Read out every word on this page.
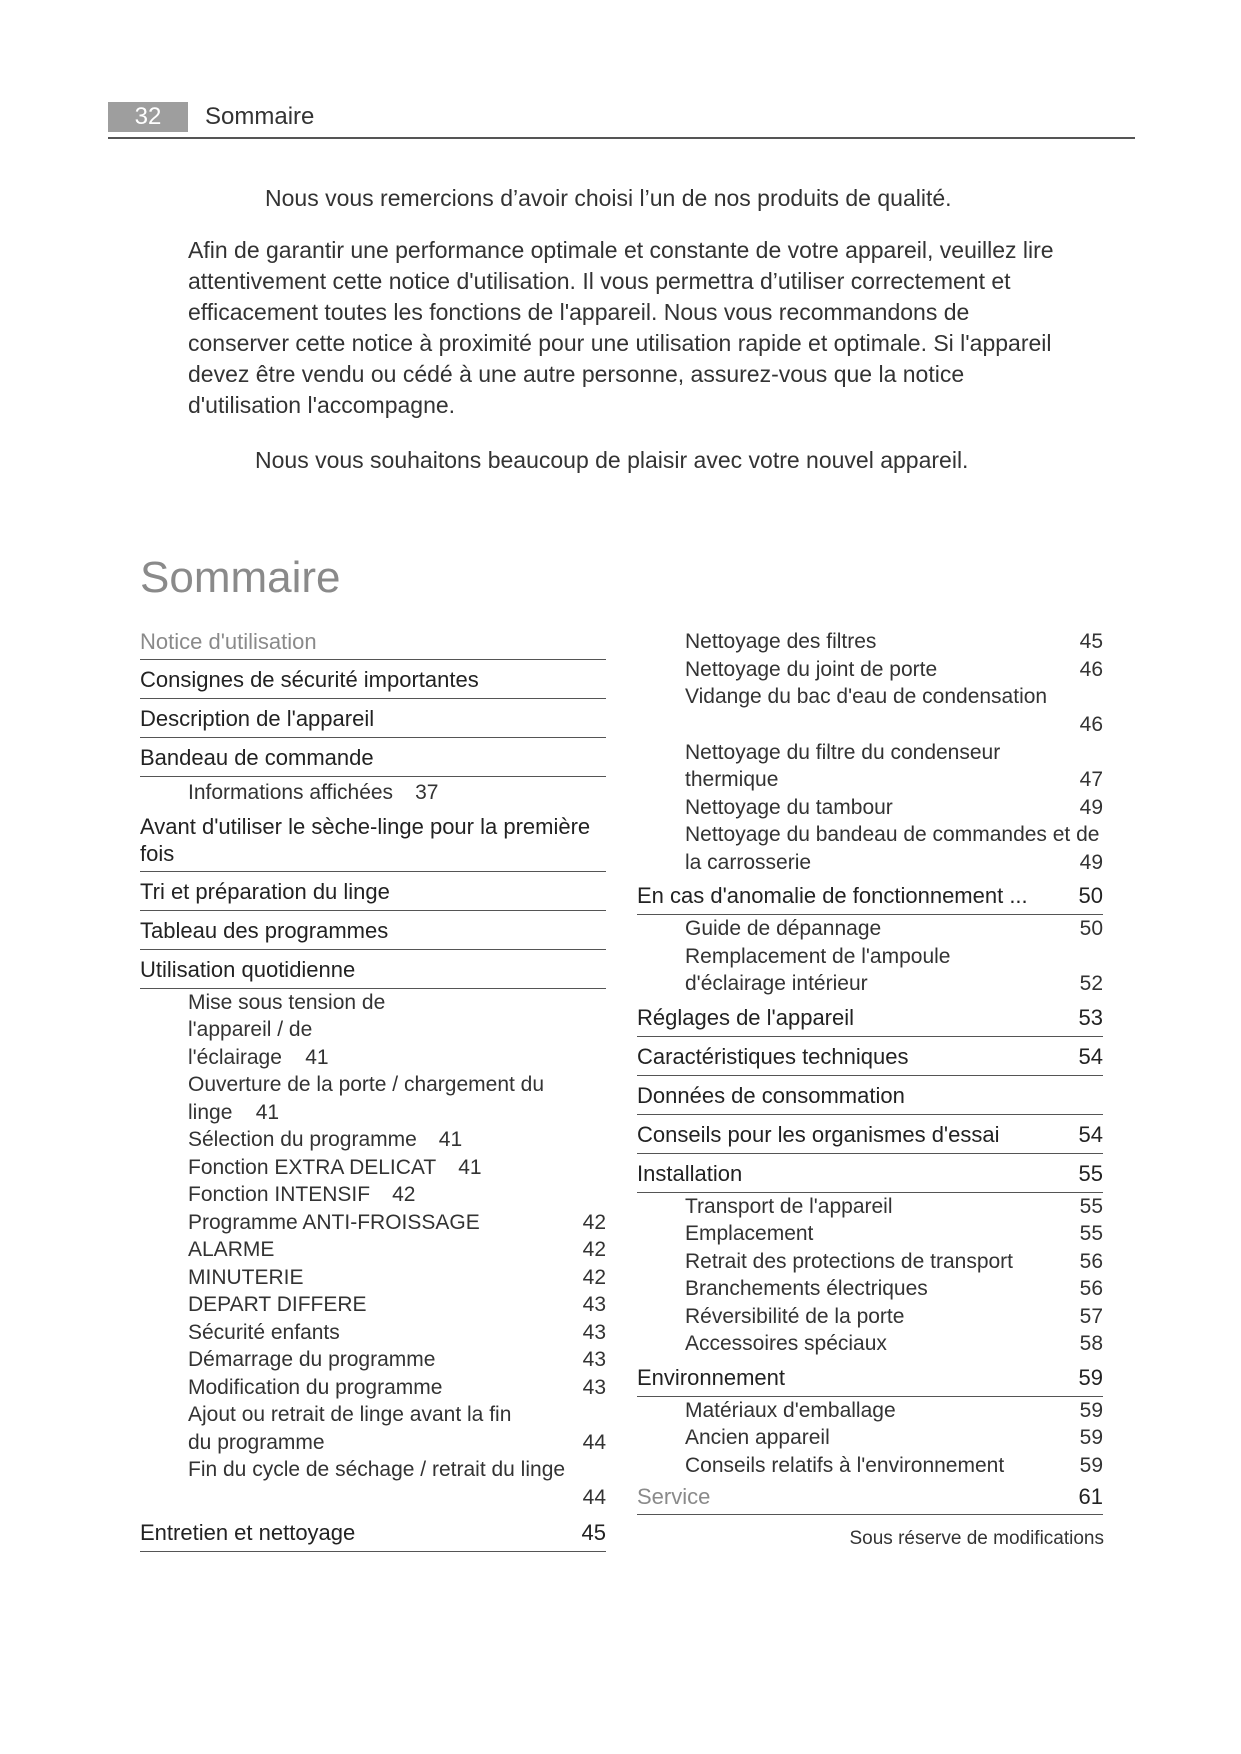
32	Sommaire
Nous vous remercions d’avoir choisi l’un de nos produits de qualité.
Afin de garantir une performance optimale et constante de votre appareil, veuillez lire attentivement cette notice d'utilisation. Il vous permettra d’utiliser correctement et efficacement toutes les fonctions de l'appareil. Nous vous recommandons de conserver cette notice à proximité pour une utilisation rapide et optimale. Si l'appareil devez être vendu ou cédé à une autre personne, assurez-vous que la notice d'utilisation l'accompagne.
Nous vous souhaitons beaucoup de plaisir avec votre nouvel appareil.
Sommaire
Notice d'utilisation
Consignes de sécurité importantes
Description de l'appareil
Bandeau de commande
Informations affichées 37
Avant d'utiliser le sèche-linge pour la première fois
Tri et préparation du linge
Tableau des programmes
Utilisation quotidienne
Mise sous tension de l'appareil / de l'éclairage 41
Ouverture de la porte / chargement du linge 41
Sélection du programme 41
Fonction EXTRA DELICAT 41
Fonction INTENSIF 42
Programme ANTI-FROISSAGE	42
ALARME	42
MINUTERIE	42
DEPART DIFFERE	43
Sécurité enfants	43
Démarrage du programme	43
Modification du programme	43
Ajout ou retrait de linge avant la fin du programme	44
Fin du cycle de séchage / retrait du linge
44
Entretien et nettoyage	45
Nettoyage des filtres	45
Nettoyage du joint de porte	46
Vidange du bac d'eau de condensation
46
Nettoyage du filtre du condenseur thermique	47
Nettoyage du tambour	49
Nettoyage du bandeau de commandes et de la carrosserie	49
En cas d'anomalie de fonctionnement ...	50
Guide de dépannage	50
Remplacement de l'ampoule d'éclairage intérieur	52
Réglages de l'appareil	53
Caractéristiques techniques	54
Données de consommation
Conseils pour les organismes d'essai	54
Installation	55
Transport de l'appareil	55
Emplacement	55
Retrait des protections de transport	56
Branchements électriques	56
Réversibilité de la porte	57
Accessoires spéciaux	58
Environnement	59
Matériaux d'emballage	59
Ancien appareil	59
Conseils relatifs à l'environnement	59
Service	61
Sous réserve de modifications
